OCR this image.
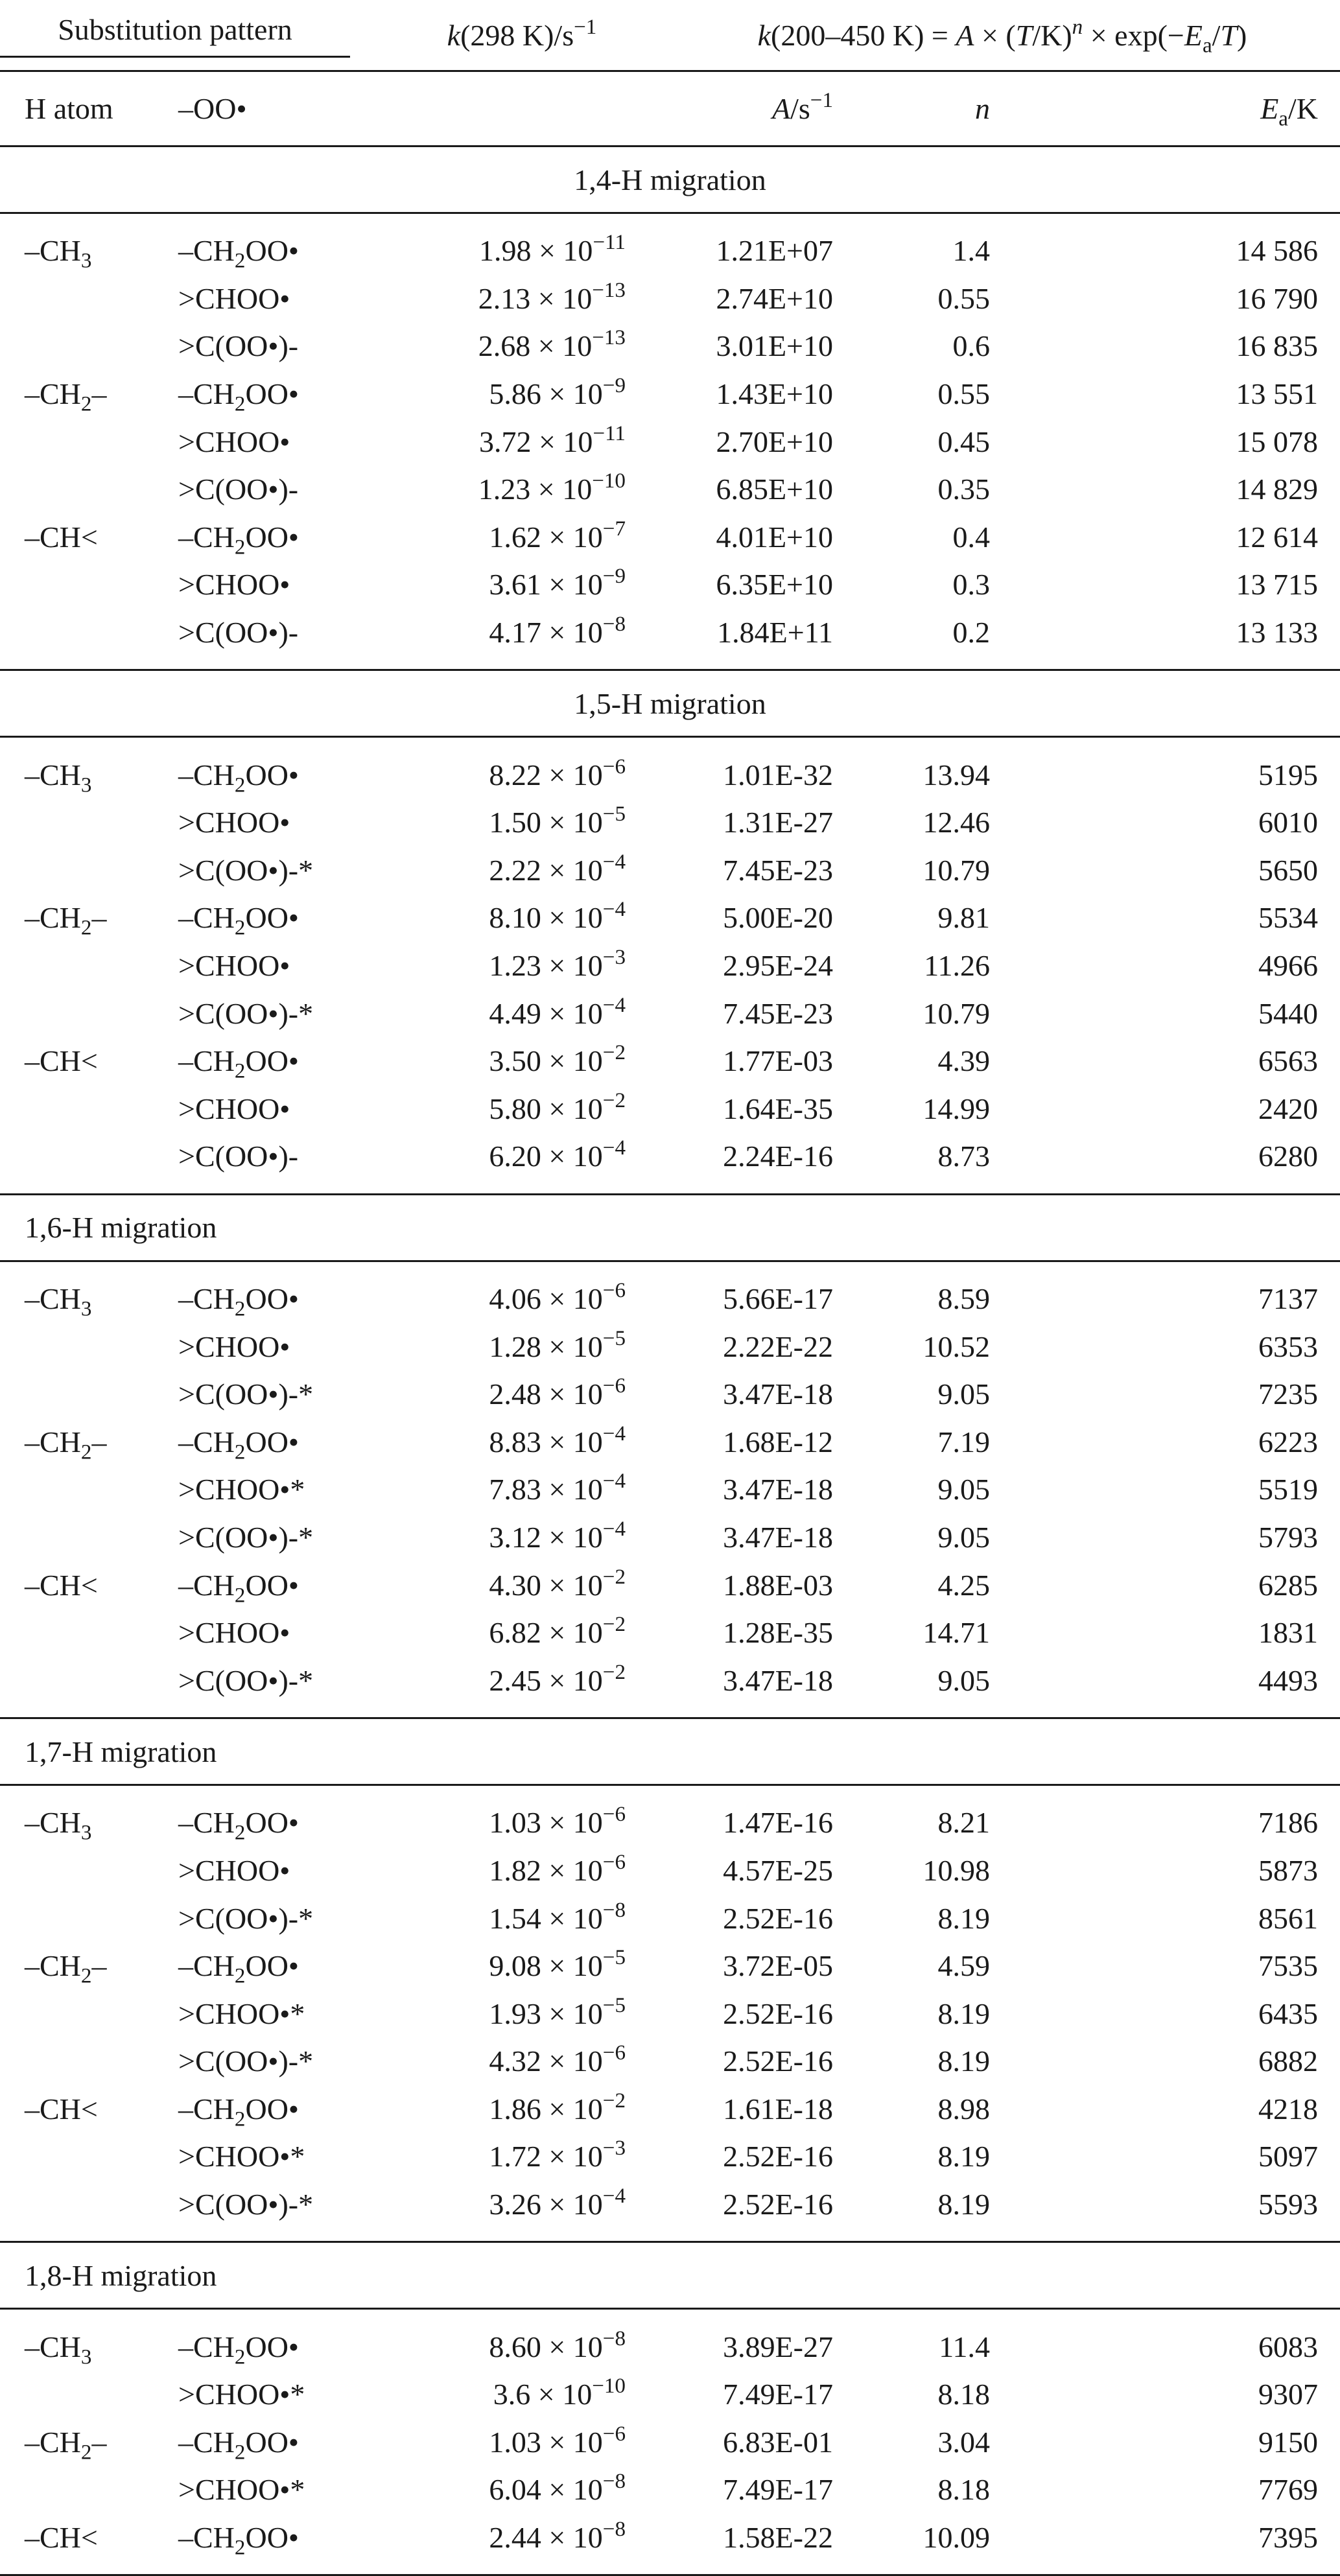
Substitution pattern		k(298 $K)/s^{-1}$	k(200–450 $K) = A \times (T/K)^n \times \exp(-E_a/T)$		
H atom	–OO•		$A/s^{-1}$	n	$E_a/K$
1,4-H migration					
$-CH_3$	$-CH_2OO•$	$1.98 \times 10^{-11}$	1.21E+07	1.4	14 586
	>CHOO•	$2.13 \times 10^{-13}$	2.74E+10	0.55	16 790
	>C(OO•)-	$2.68 \times 10^{-13}$	3.01E+10	0.6	16 835
$-CH_2-$	$-CH_2OO•$	$5.86 \times 10^{-9}$	1.43E+10	0.55	13 551
	>CHOO•	$3.72 \times 10^{-11}$	2.70E+10	0.45	15 078
	>C(OO•)-	$1.23 \times 10^{-10}$	6.85E+10	0.35	14 829
–CH<	$-CH_2OO•$	$1.62 \times 10^{-7}$	4.01E+10	0.4	12 614
	>CHOO•	$3.61 \times 10^{-9}$	6.35E+10	0.3	13 715
	>C(OO•)-	$4.17 \times 10^{-8}$	1.84E+11	0.2	13 133
1,5-H migration					
$-CH_3$	$-CH_2OO•$	$8.22 \times 10^{-6}$	1.01E-32	13.94	5195
	>CHOO•	$1.50 \times 10^{-5}$	1.31E-27	12.46	6010
	>C(OO•)-*	$2.22 \times 10^{-4}$	7.45E-23	10.79	5650
$-CH_2-$	$-CH_2OO•$	$8.10 \times 10^{-4}$	5.00E-20	9.81	5534
	>CHOO•	$1.23 \times 10^{-3}$	2.95E-24	11.26	4966
	>C(OO•)-*	$4.49 \times 10^{-4}$	7.45E-23	10.79	5440
–CH<	$-CH_2OO•$	$3.50 \times 10^{-2}$	1.77E-03	4.39	6563
	>CHOO•	$5.80 \times 10^{-2}$	1.64E-35	14.99	2420
	>C(OO•)-	$6.20 \times 10^{-4}$	2.24E-16	8.73	6280
1,6-H migration					
$-CH_3$	$-CH_2OO•$	$4.06 \times 10^{-6}$	5.66E-17	8.59	7137
	>CHOO•	$1.28 \times 10^{-5}$	2.22E-22	10.52	6353
	>C(OO•)-*	$2.48 \times 10^{-6}$	3.47E-18	9.05	7235
$-CH_2-$	$-CH_2OO•$	$8.83 \times 10^{-4}$	1.68E-12	7.19	6223
	>CHOO•*	$7.83 \times 10^{-4}$	3.47E-18	9.05	5519
	>C(OO•)-*	$3.12 \times 10^{-4}$	3.47E-18	9.05	5793
–CH<	$-CH_2OO•$	$4.30 \times 10^{-2}$	1.88E-03	4.25	6285
	>CHOO•	$6.82 \times 10^{-2}$	1.28E-35	14.71	1831
	>C(OO•)-*	$2.45 \times 10^{-2}$	3.47E-18	9.05	4493
1,7-H migration					
$-CH_3$	$-CH_2OO•$	$1.03 \times 10^{-6}$	1.47E-16	8.21	7186
	>CHOO•	$1.82 \times 10^{-6}$	4.57E-25	10.98	5873
	>C(OO•)-*	$1.54 \times 10^{-8}$	2.52E-16	8.19	8561
$-CH_2-$	$-CH_2OO•$	$9.08 \times 10^{-5}$	3.72E-05	4.59	7535
	>CHOO•*	$1.93 \times 10^{-5}$	2.52E-16	8.19	6435
	>C(OO•)-*	$4.32 \times 10^{-6}$	2.52E-16	8.19	6882
–CH<	$-CH_2OO•$	$1.86 \times 10^{-2}$	1.61E-18	8.98	4218
	>CHOO•*	$1.72 \times 10^{-3}$	2.52E-16	8.19	5097
	>C(OO•)-*	$3.26 \times 10^{-4}$	2.52E-16	8.19	5593
1,8-H migration					
$-CH_3$	$-CH_2OO•$	$8.60 \times 10^{-8}$	3.89E-27	11.4	6083
	>CHOO•*	$3.6 \times 10^{-10}$	7.49E-17	8.18	9307
$-CH_2-$	$-CH_2OO•$	$1.03 \times 10^{-6}$	6.83E-01	3.04	9150
	>CHOO•*	$6.04 \times 10^{-8}$	7.49E-17	8.18	7769
–CH<	$-CH_2OO•$	$2.44 \times 10^{-8}$	1.58E-22	10.09	7395
